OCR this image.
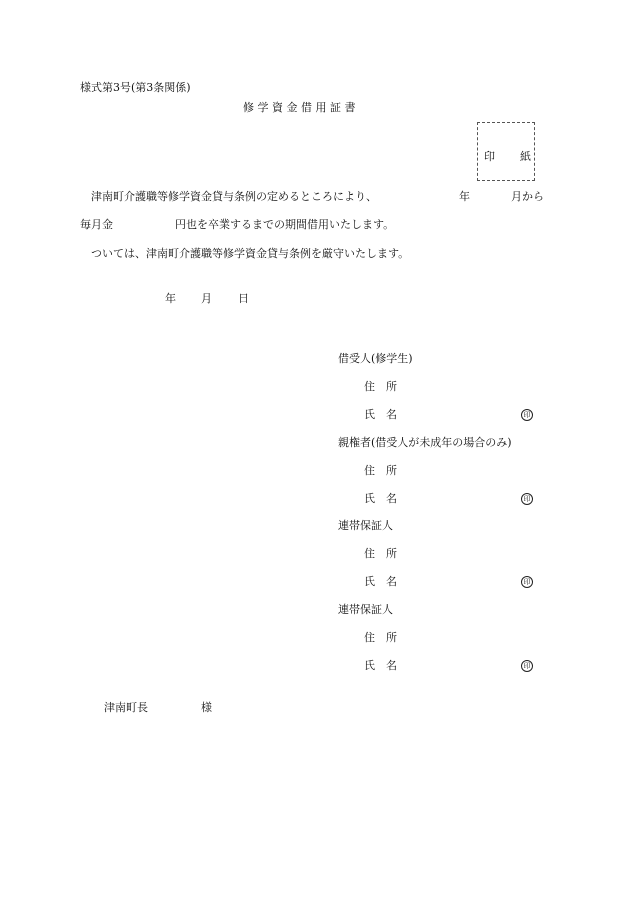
様式第3号(第3条関係)
修 学 資 金 借 用 証 書
印　　紙
津南町介護職等修学資金貸与条例の定めるところにより、	年	月から
毎月金	円也を卒業するまでの期間借用いたします。
ついては、津南町介護職等修学資金貸与条例を厳守いたします。
年 月 日
借受人(修学生)
住　所
氏　名	印
親権者(借受人が未成年の場合のみ)
住　所
氏　名	印
連帯保証人
住　所
氏　名	印
連帯保証人
住　所
氏　名	印
津南町長	様
